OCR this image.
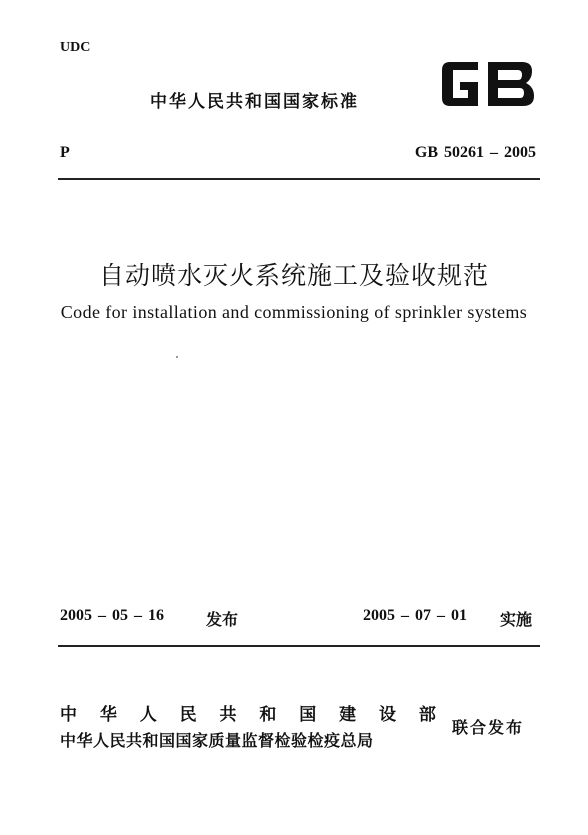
UDC
中华人民共和国国家标准
GB
P	GB 50261 – 2005
自动喷水灭火系统施工及验收规范
Code for installation and commissioning of sprinkler systems
2005 – 05 – 16	发布	2005 – 07 – 01 实施
中 华 人 民 共 和 国 建 设 部
中华人民共和国国家质量监督检验检疫总局
联合发布
